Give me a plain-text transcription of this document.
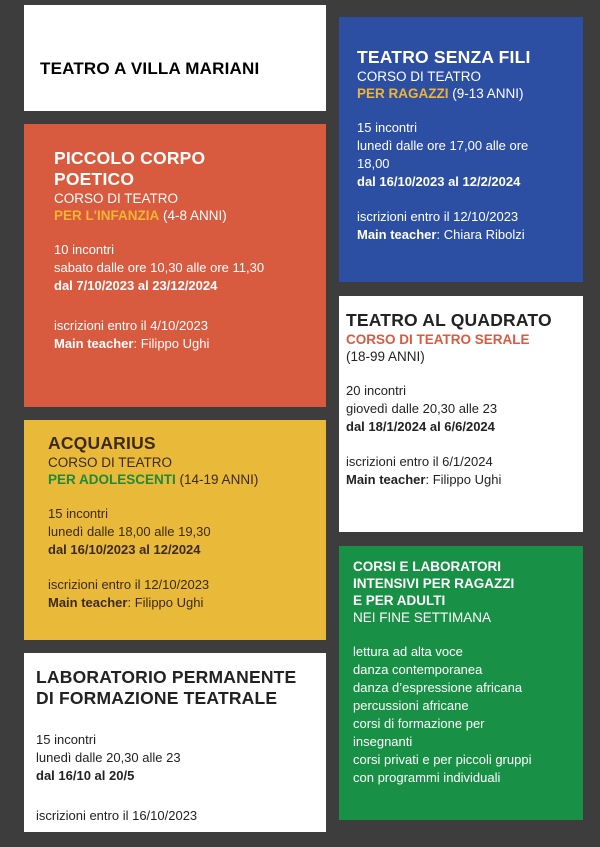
TEATRO A VILLA MARIANI
PICCOLO CORPO
POETICO
CORSO DI TEATRO
PER L'INFANZIA (4-8 ANNI)
10 incontri
sabato dalle ore 10,30 alle ore 11,30
dal 7/10/2023 al 23/12/2024
iscrizioni entro il 4/10/2023
Main teacher: Filippo Ughi
TEATRO SENZA FILI
CORSO DI TEATRO
PER RAGAZZI (9-13 ANNI)
15 incontri
lunedì dalle ore 17,00 alle ore
18,00
dal 16/10/2023 al 12/2/2024
iscrizioni entro il 12/10/2023
Main teacher: Chiara Ribolzi
ACQUARIUS
CORSO DI TEATRO
PER ADOLESCENTI (14-19 ANNI)
15 incontri
lunedì dalle 18,00 alle 19,30
dal 16/10/2023 al 12/2024
iscrizioni entro il 12/10/2023
Main teacher: Filippo Ughi
TEATRO AL QUADRATO
CORSO DI TEATRO SERALE
(18-99 ANNI)
20 incontri
giovedì dalle 20,30 alle 23
dal 18/1/2024 al 6/6/2024
iscrizioni entro il 6/1/2024
Main teacher: Filippo Ughi
CORSI E LABORATORI
INTENSIVI PER RAGAZZI
E PER ADULTI
NEI FINE SETTIMANA
lettura ad alta voce
danza contemporanea
danza d’espressione africana
percussioni africane
corsi di formazione per
insegnanti
corsi privati e per piccoli gruppi
con programmi individuali
LABORATORIO PERMANENTE
DI FORMAZIONE TEATRALE
15 incontri
lunedì dalle 20,30 alle 23
dal 16/10 al 20/5
iscrizioni entro il 16/10/2023
